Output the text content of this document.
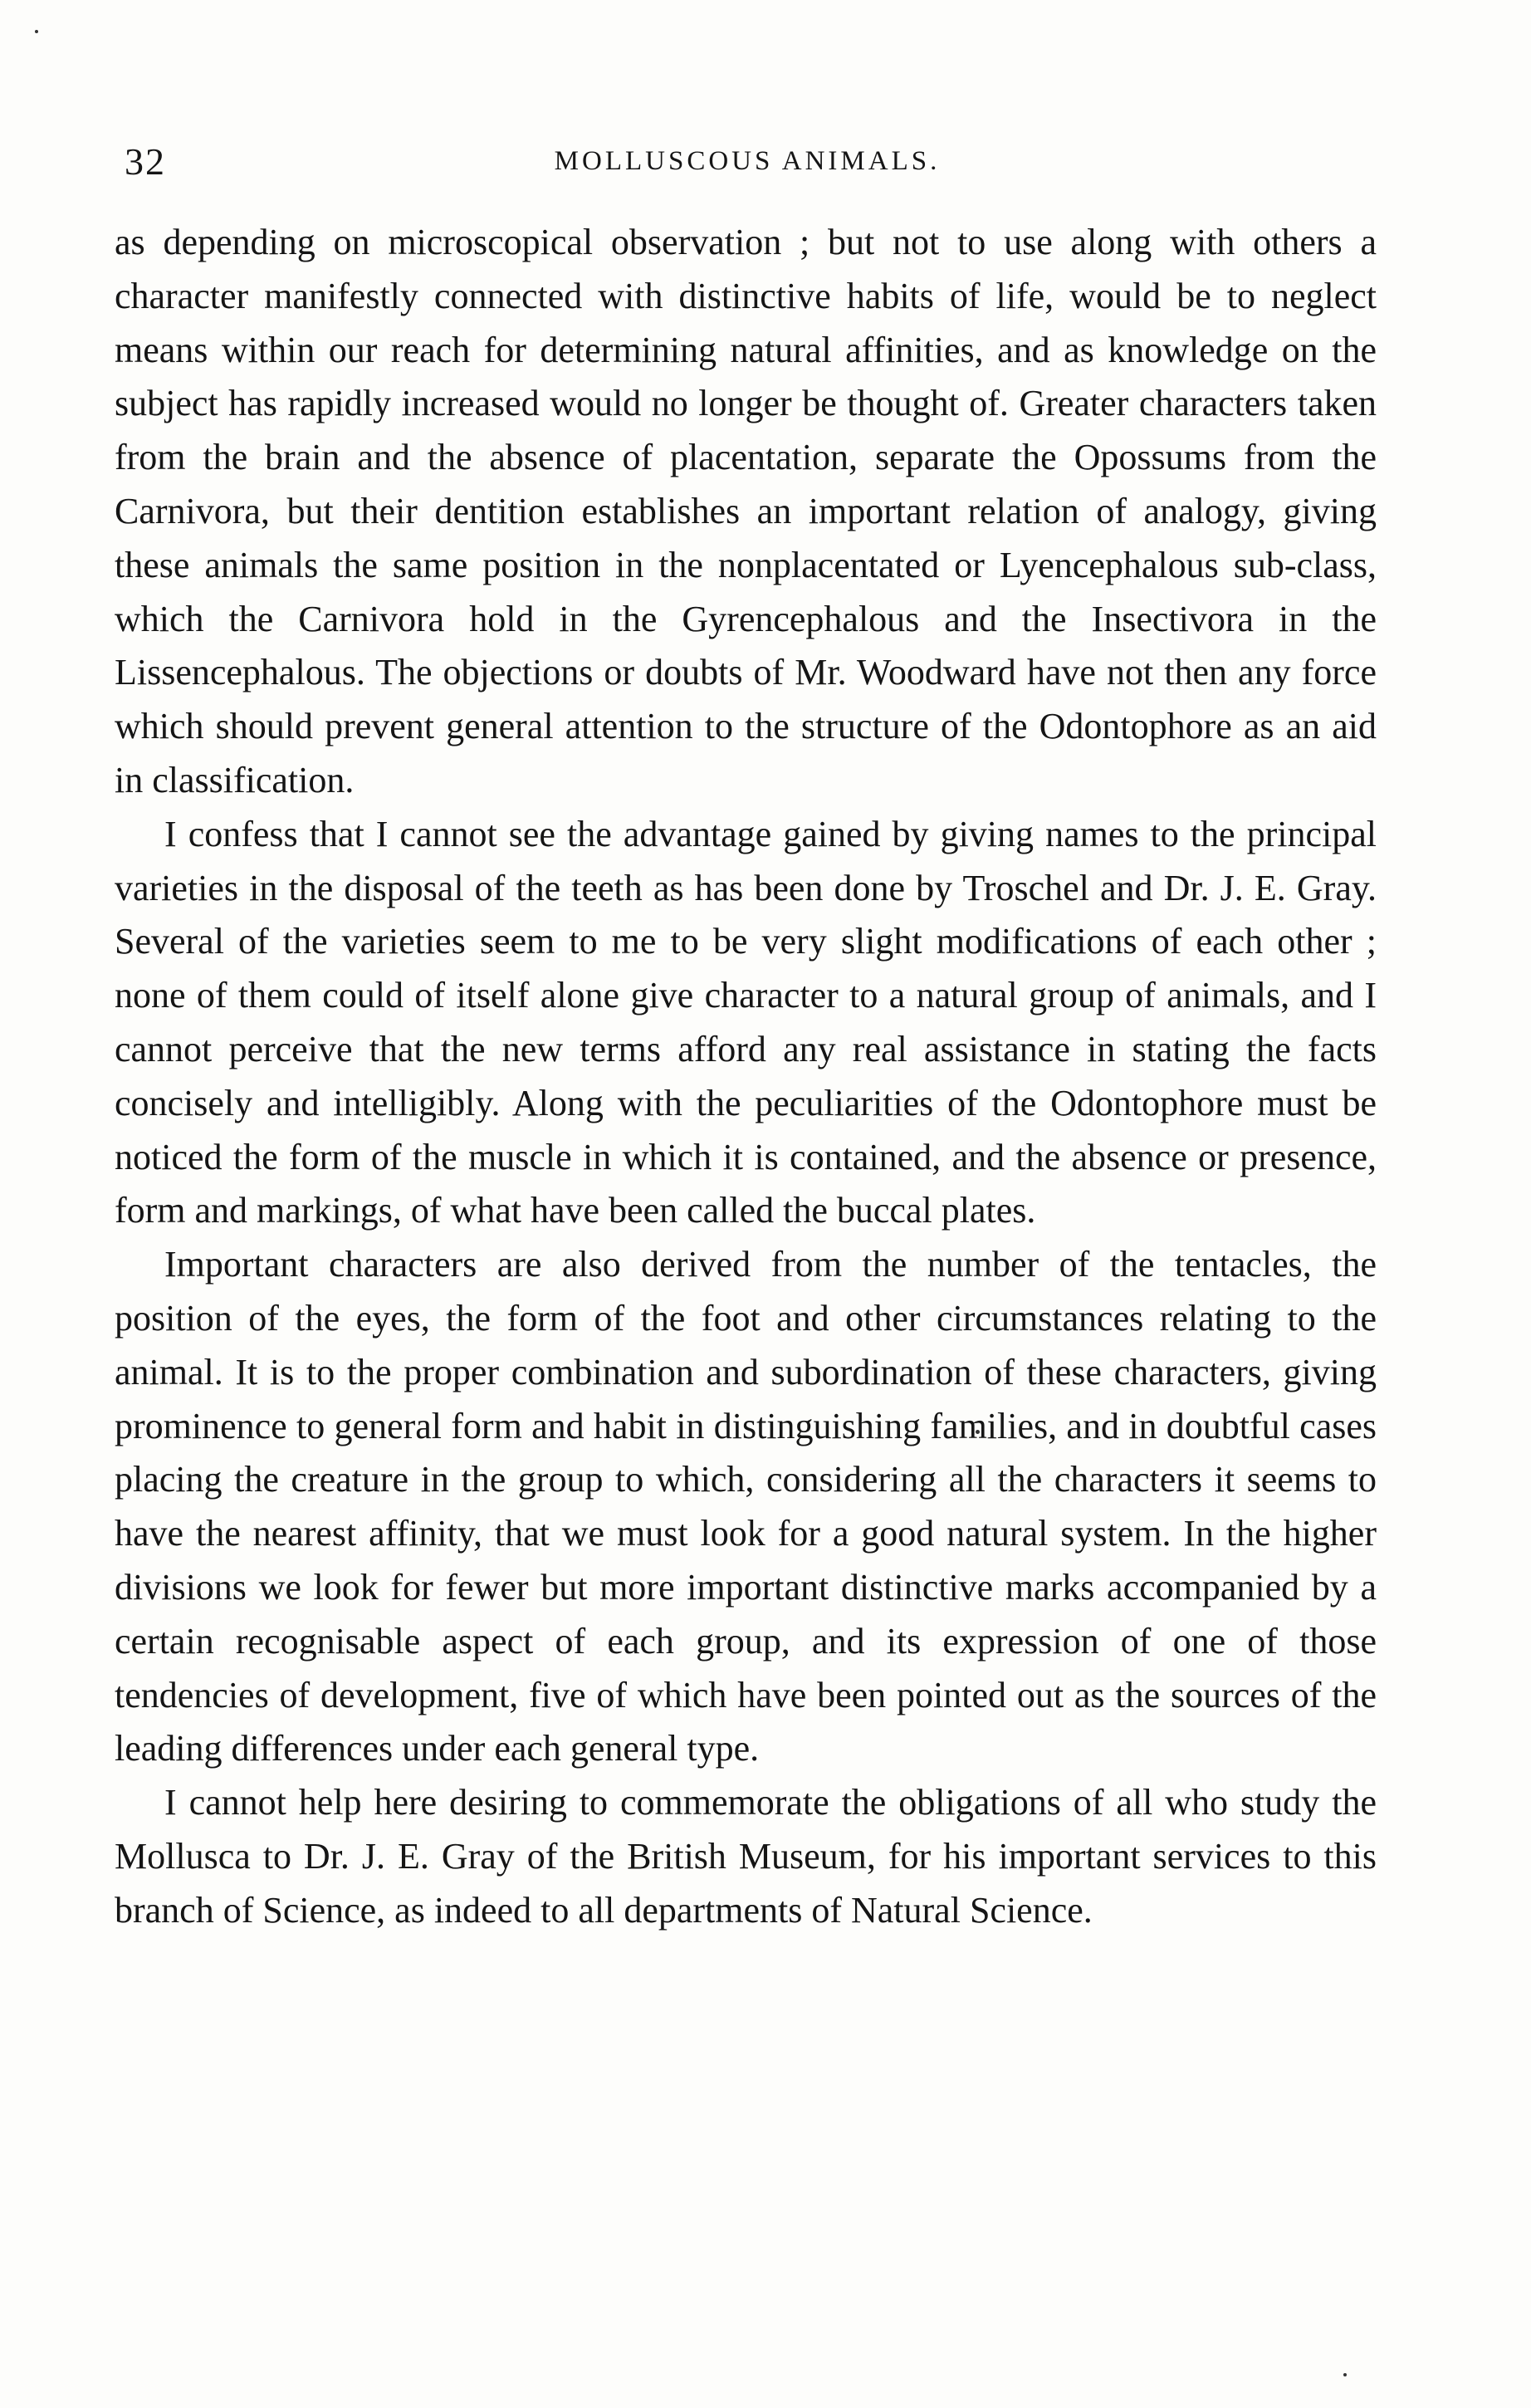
32	MOLLUSCOUS ANIMALS.

as depending on microscopical observation ; but not to use along with others a character manifestly connected with distinctive habits of life, would be to neglect means within our reach for determining natural affinities, and as knowledge on the subject has rapidly increased would no longer be thought of. Greater characters taken from the brain and the absence of placentation, separate the Opossums from the Carnivora, but their dentition establishes an important relation of analogy, giving these animals the same position in the nonplacentated or Lyencephalous sub-class, which the Carnivora hold in the Gyrencephalous and the Insectivora in the Lissencephalous. The objections or doubts of Mr. Woodward have not then any force which should prevent general attention to the structure of the Odontophore as an aid in classification.

I confess that I cannot see the advantage gained by giving names to the principal varieties in the disposal of the teeth as has been done by Troschel and Dr. J. E. Gray. Several of the varieties seem to me to be very slight modifications of each other ; none of them could of itself alone give character to a natural group of animals, and I cannot perceive that the new terms afford any real assistance in stating the facts concisely and intelligibly. Along with the peculiarities of the Odontophore must be noticed the form of the muscle in which it is contained, and the absence or presence, form and markings, of what have been called the buccal plates.

Important characters are also derived from the number of the tentacles, the position of the eyes, the form of the foot and other circumstances relating to the animal. It is to the proper combination and subordination of these characters, giving prominence to general form and habit in distinguishing families, and in doubtful cases placing the creature in the group to which, considering all the characters it seems to have the nearest affinity, that we must look for a good natural system. In the higher divisions we look for fewer but more important distinctive marks accompanied by a certain recognisable aspect of each group, and its expression of one of those tendencies of development, five of which have been pointed out as the sources of the leading differences under each general type.

I cannot help here desiring to commemorate the obligations of all who study the Mollusca to Dr. J. E. Gray of the British Museum, for his important services to this branch of Science, as indeed to all departments of Natural Science.
